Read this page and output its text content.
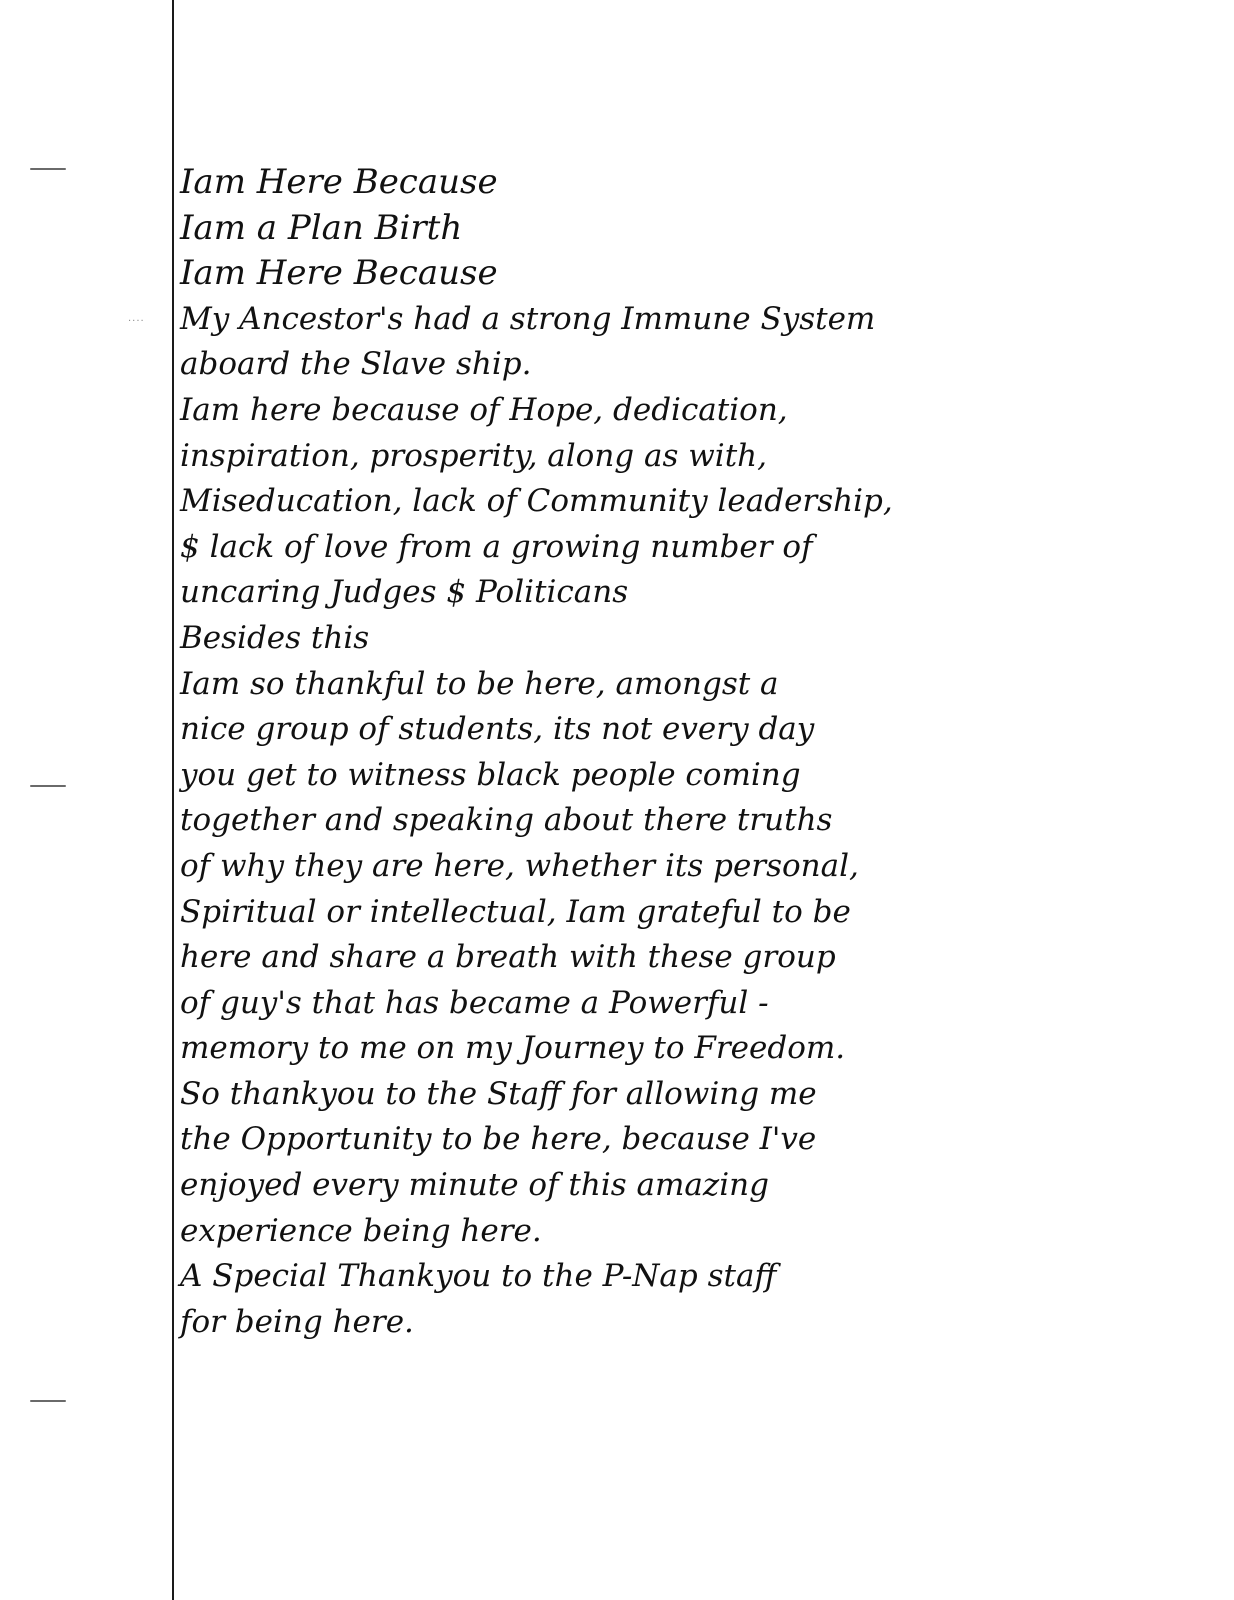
····
Iam Here Because
Iam a Plan Birth
Iam Here Because
My Ancestor's had a strong Immune System
aboard the Slave ship.
Iam here because of Hope, dedication,
inspiration, prosperity, along as with,
Miseducation, lack of Community leadership,
$ lack of love from a growing number of
uncaring Judges $ Politicans
Besides this
Iam so thankful to be here, amongst a
nice group of students, its not every day
you get to witness black people coming
together and speaking about there truths
of why they are here, whether its personal,
Spiritual or intellectual, Iam grateful to be
here and share a breath with these group
of guy's that has became a Powerful -
memory to me on my Journey to Freedom.
So thankyou to the Staff for allowing me
the Opportunity to be here, because I've
enjoyed every minute of this amazing
experience being here.
A Special Thankyou to the P-Nap staff
for being here.
